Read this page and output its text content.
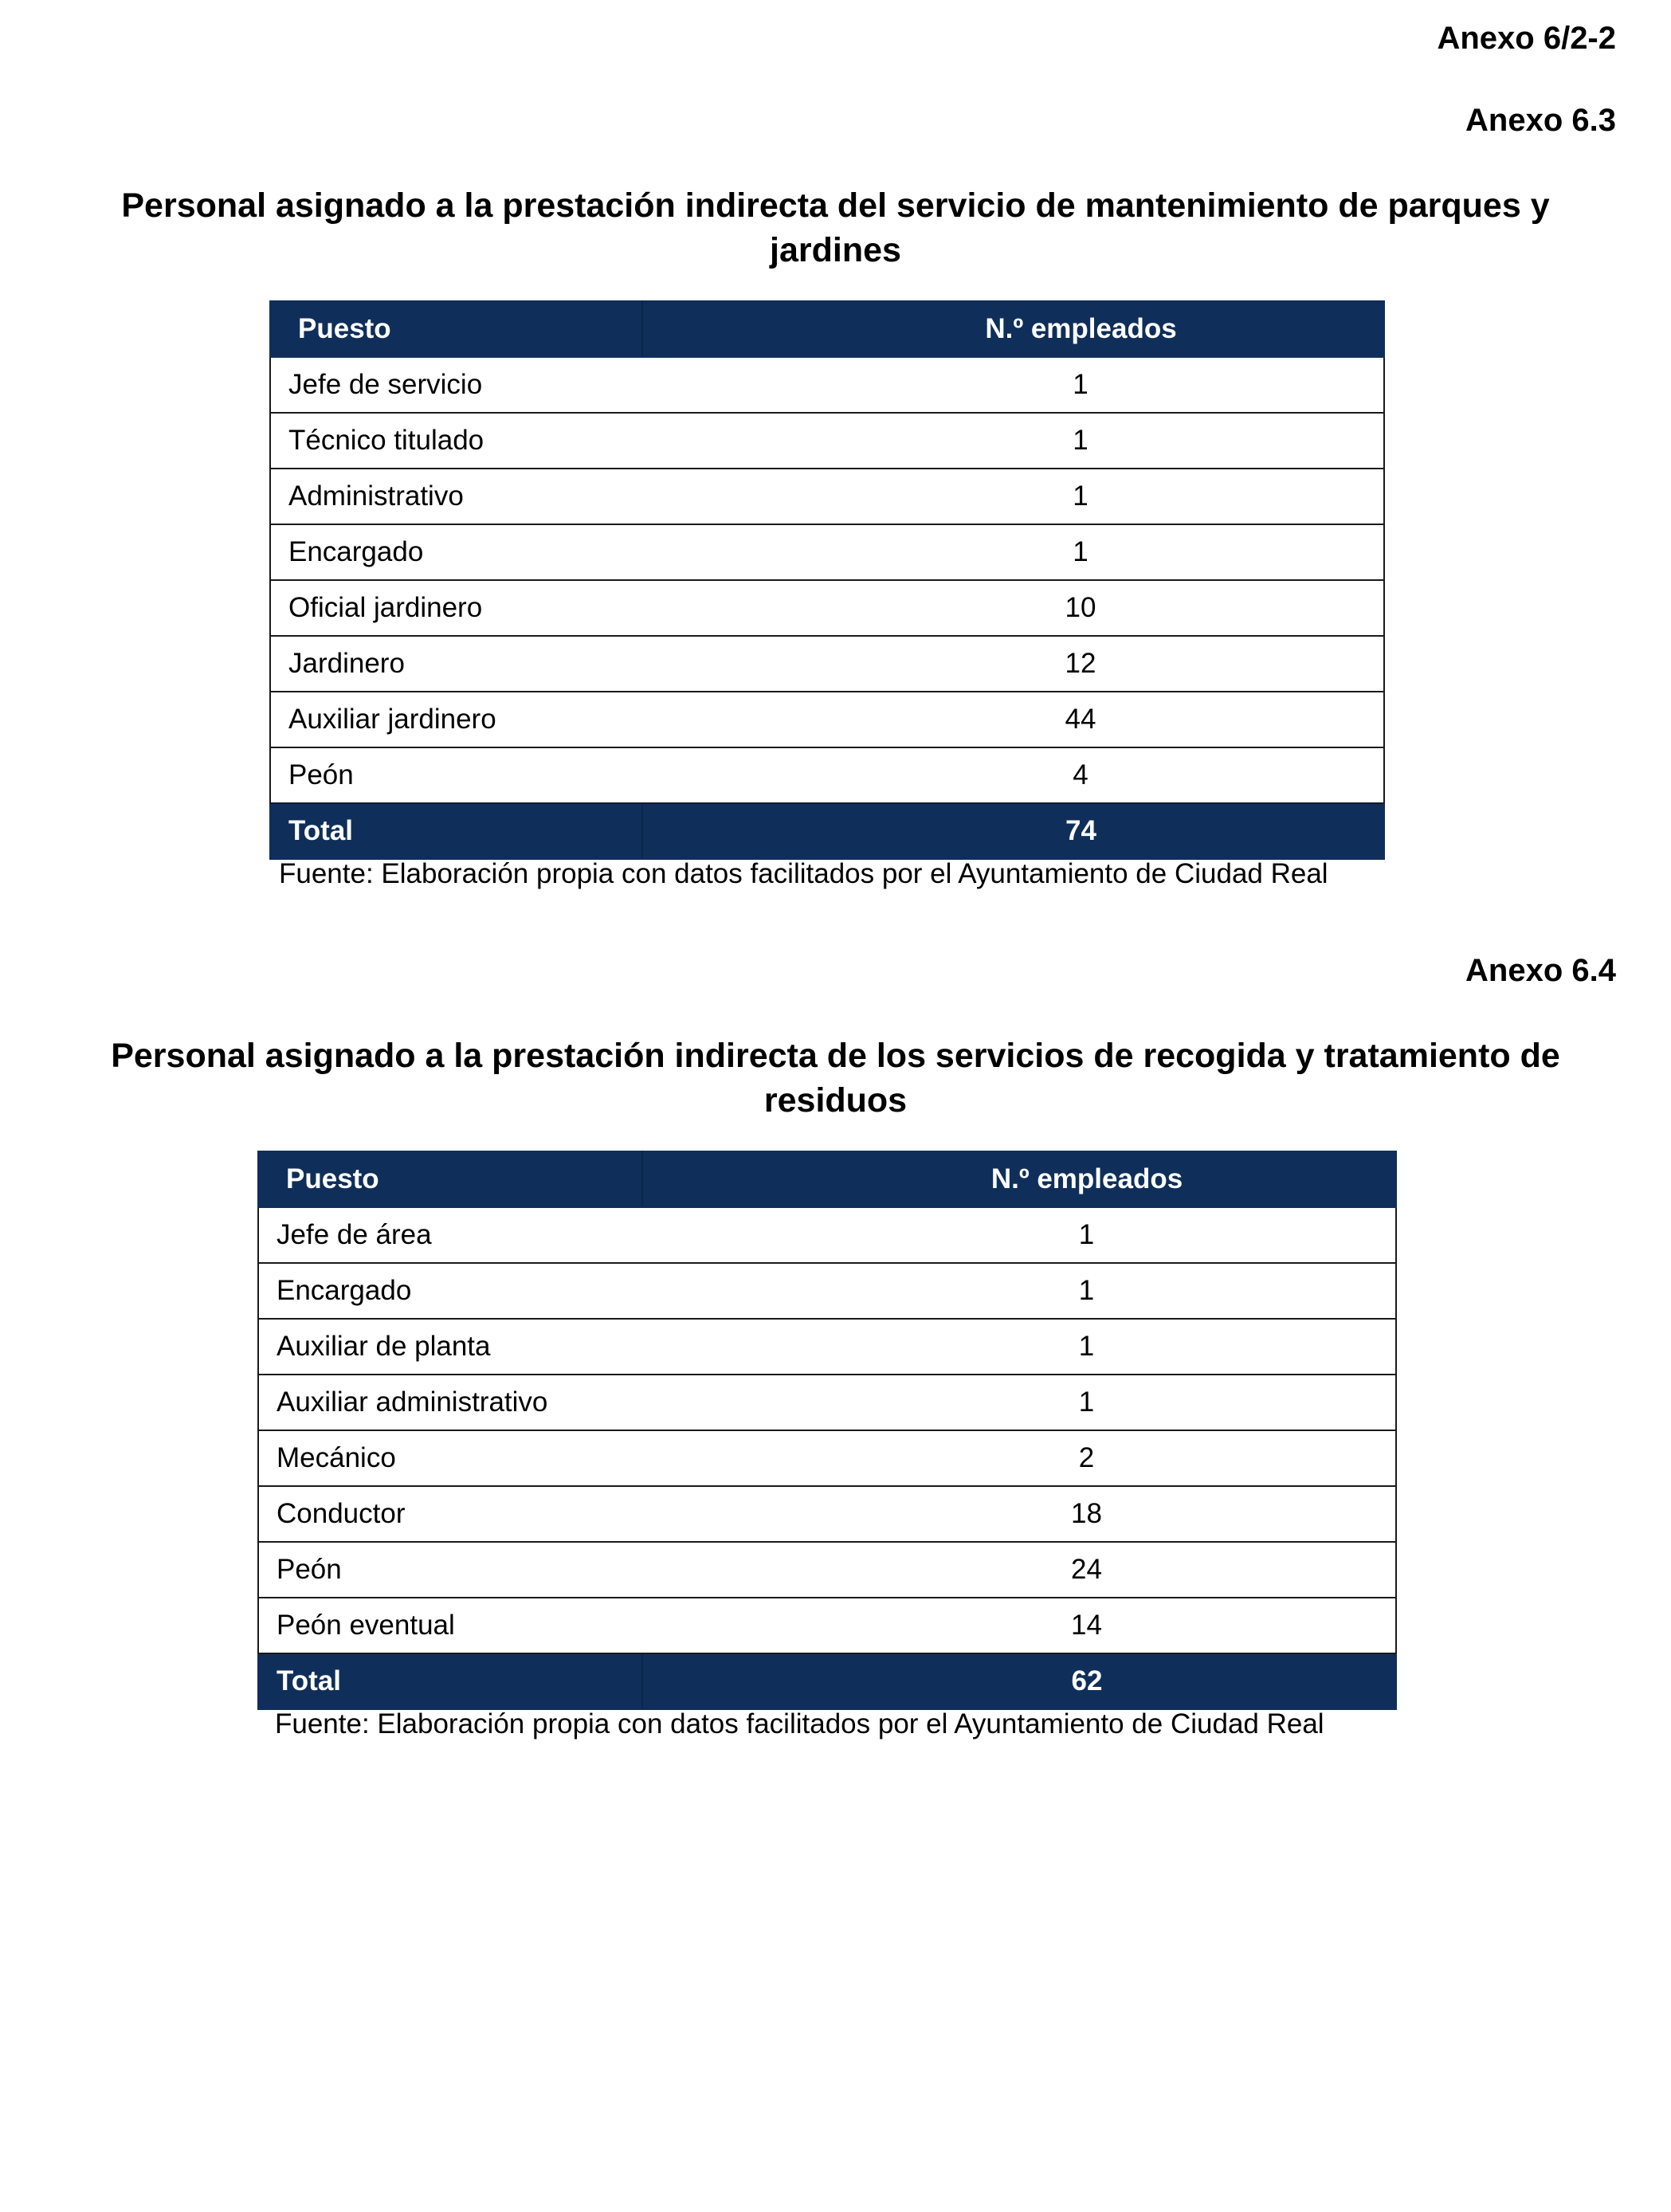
Anexo 6/2-2
Anexo 6.3
Personal asignado a la prestación indirecta del servicio de mantenimiento de parques y
jardines
Puesto	N.º empleados
Jefe de servicio	1
Técnico titulado	1
Administrativo	1
Encargado	1
Oficial jardinero	10
Jardinero	12
Auxiliar jardinero	44
Peón	4
Total	74
Fuente: Elaboración propia con datos facilitados por el Ayuntamiento de Ciudad Real
Anexo 6.4
Personal asignado a la prestación indirecta de los servicios de recogida y tratamiento de
residuos
Puesto	N.º empleados
Jefe de área	1
Encargado	1
Auxiliar de planta	1
Auxiliar administrativo	1
Mecánico	2
Conductor	18
Peón	24
Peón eventual	14
Total	62
Fuente: Elaboración propia con datos facilitados por el Ayuntamiento de Ciudad Real
